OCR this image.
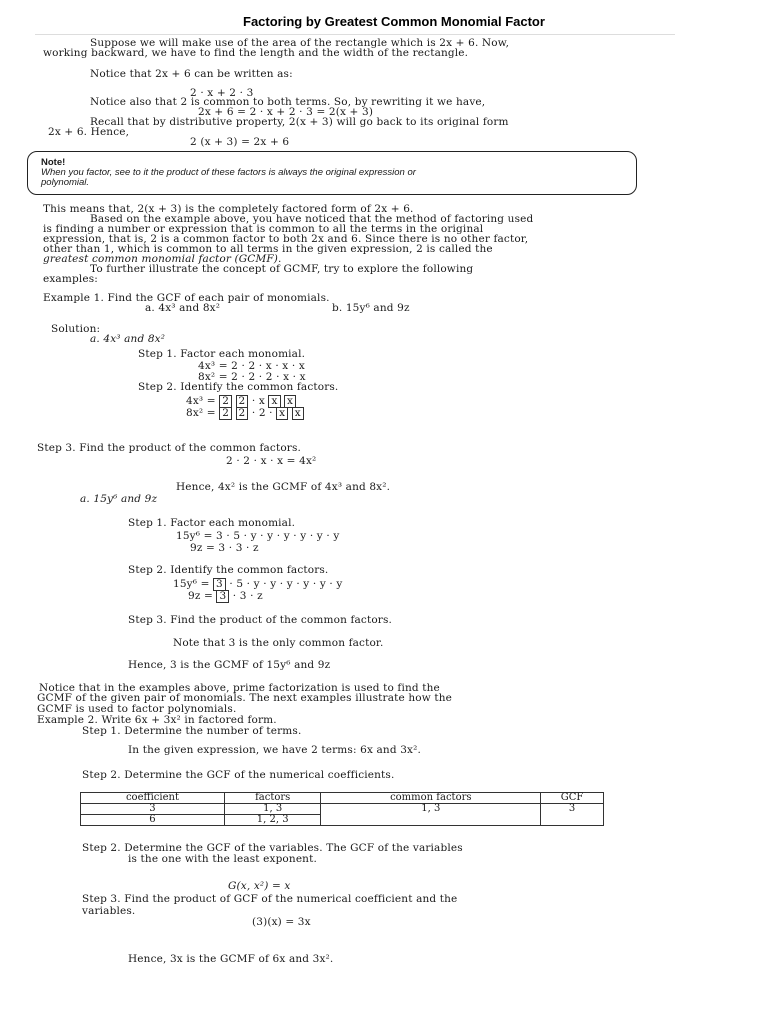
Factoring by Greatest Common Monomial Factor
Suppose we will make use of the area of the rectangle which is 2x + 6. Now,
working backward, we have to find the length and the width of the rectangle.
Notice that 2x + 6 can be written as:
2 · x + 2 · 3
Notice also that 2 is common to both terms. So, by rewriting it we have,
2x + 6 = 2 · x + 2 · 3 = 2(x + 3)
Recall that by distributive property, 2(x + 3) will go back to its original form
2x + 6. Hence,
2 (x + 3) = 2x + 6
Note!
When you factor, see to it the product of these factors is always the original expression or
polynomial.
This means that, 2(x + 3) is the completely factored form of 2x + 6.
Based on the example above, you have noticed that the method of factoring used
is finding a number or expression that is common to all the terms in the original
expression, that is, 2 is a common factor to both 2x and 6. Since there is no other factor,
other than 1, which is common to all terms in the given expression, 2 is called the
greatest common monomial factor (GCMF).
To further illustrate the concept of GCMF, try to explore the following
examples:
Example 1. Find the GCF of each pair of monomials.
a. 4x³ and 8x²	b. 15y⁶ and 9z
Solution:
a. 4x³ and 8x²
Step 1. Factor each monomial.
4x³ = 2 · 2 · x · x · x
8x² = 2 · 2 · 2 · x · x
Step 2. Identify the common factors.
4x³ = 2 2 · x x x
8x² = 2 2 · 2 · x x
Step 3. Find the product of the common factors.
2 · 2 · x · x = 4x²
Hence, 4x² is the GCMF of 4x³ and 8x².
a. 15y⁶ and 9z
Step 1. Factor each monomial.
15y⁶ = 3 · 5 · y · y · y · y · y · y
9z = 3 · 3 · z
Step 2. Identify the common factors.
15y⁶ = 3 · 5 · y · y · y · y · y · y
9z = 3 · 3 · z
Step 3. Find the product of the common factors.
Note that 3 is the only common factor.
Hence, 3 is the GCMF of 15y⁶ and 9z
Notice that in the examples above, prime factorization is used to find the
GCMF of the given pair of monomials. The next examples illustrate how the
GCMF is used to factor polynomials.
Example 2. Write 6x + 3x² in factored form.
Step 1. Determine the number of terms.
In the given expression, we have 2 terms: 6x and 3x².
Step 2. Determine the GCF of the numerical coefficients.
coefficient	factors	common factors	GCF
3	1, 3	1, 3	3
6	1, 2, 3		
Step 2. Determine the GCF of the variables. The GCF of the variables
is the one with the least exponent.
G(x, x²) = x
Step 3. Find the product of GCF of the numerical coefficient and the
variables.
(3)(x) = 3x
Hence, 3x is the GCMF of 6x and 3x².
